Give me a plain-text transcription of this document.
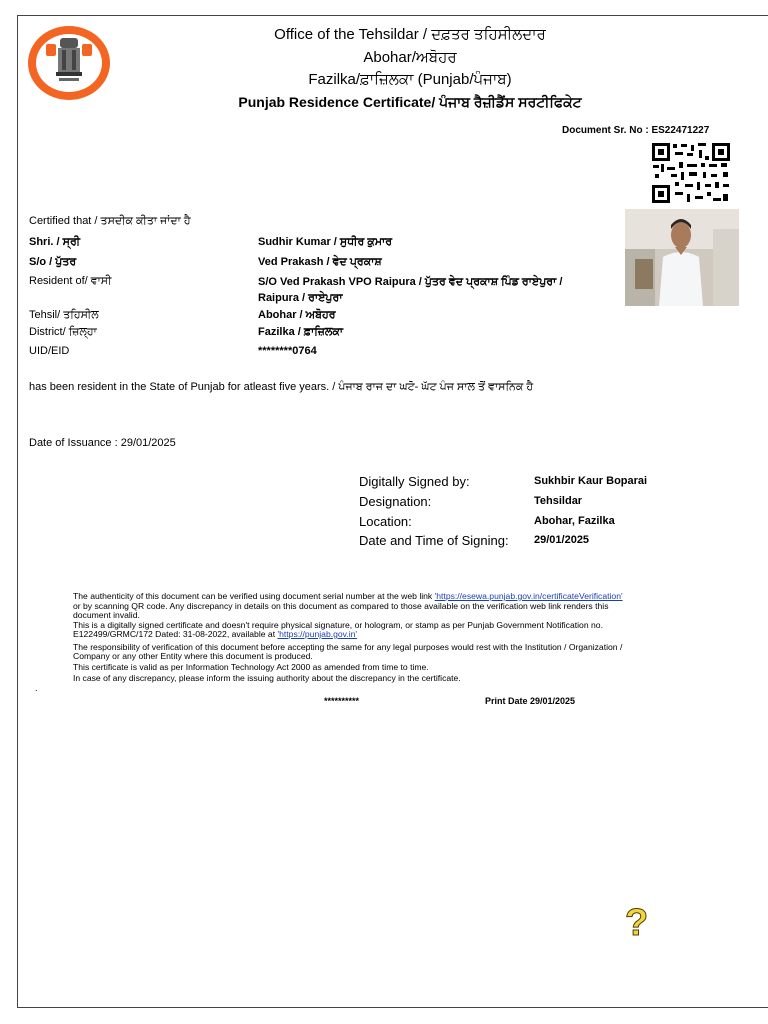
Office of the Tehsildar / ਦਫ਼ਤਰ ਤਹਿਸੀਲਦਾਰ
Abohar/ਅਬੋਹਰ
Fazilka/ਫ਼ਾਜ਼ਿਲਕਾ (Punjab/ਪੰਜਾਬ)
Punjab Residence Certificate/ ਪੰਜਾਬ ਰੈਜ਼ੀਡੈਂਸ ਸਰਟੀਫਿਕੇਟ
Document Sr. No : ES22471227
Certified that / ਤਸਦੀਕ ਕੀਤਾ ਜਾਂਦਾ ਹੈ
Shri. / ਸ੍ਰੀ	Sudhir Kumar / ਸੁਧੀਰ ਕੁਮਾਰ
S/o / ਪੁੱਤਰ	Ved Prakash / ਵੇਦ ਪ੍ਰਕਾਸ਼
Resident of/ ਵਾਸੀ	S/O Ved Prakash VPO Raipura / ਪੁੱਤਰ ਵੇਦ ਪ੍ਰਕਾਸ਼ ਪਿੰਡ ਰਾਏਪੁਰਾ /
Raipura / ਰਾਏਪੁਰਾ
Tehsil/ ਤਹਿਸੀਲ	Abohar / ਅਬੋਹਰ
District/ ਜ਼ਿਲ੍ਹਾ	Fazilka / ਫ਼ਾਜ਼ਿਲਕਾ
UID/EID	********0764
has been resident in the State of Punjab for atleast five years. / ਪੰਜਾਬ ਰਾਜ ਦਾ ਘਟੋ- ਘੱਟ ਪੰਜ ਸਾਲ ਤੋਂ ਵਾਸਨਿਕ ਹੈ
Date of Issuance : 29/01/2025
Digitally Signed by:	Sukhbir Kaur Boparai
Designation:	Tehsildar
Location:	Abohar, Fazilka
Date and Time of Signing: 29/01/2025
The authenticity of this document can be verified using document serial number at the web link 'https://esewa.punjab.gov.in/certificateVerification'
or by scanning QR code. Any discrepancy in details on this document as compared to those available on the verification web link renders this
document invalid.
This is a digitally signed certificate and doesn't require physical signature, or hologram, or stamp as per Punjab Government Notification no.
E122499/GRMC/172 Dated: 31-08-2022, available at 'https://punjab.gov.in'
The responsibility of verification of this document before accepting the same for any legal purposes would rest with the Institution / Organization /
Company or any other Entity where this document is produced.
This certificate is valid as per Information Technology Act 2000 as amended from time to time.
In case of any discrepancy, please inform the issuing authority about the discrepancy in the certificate.
.
**********	Print Date 29/01/2025
?
